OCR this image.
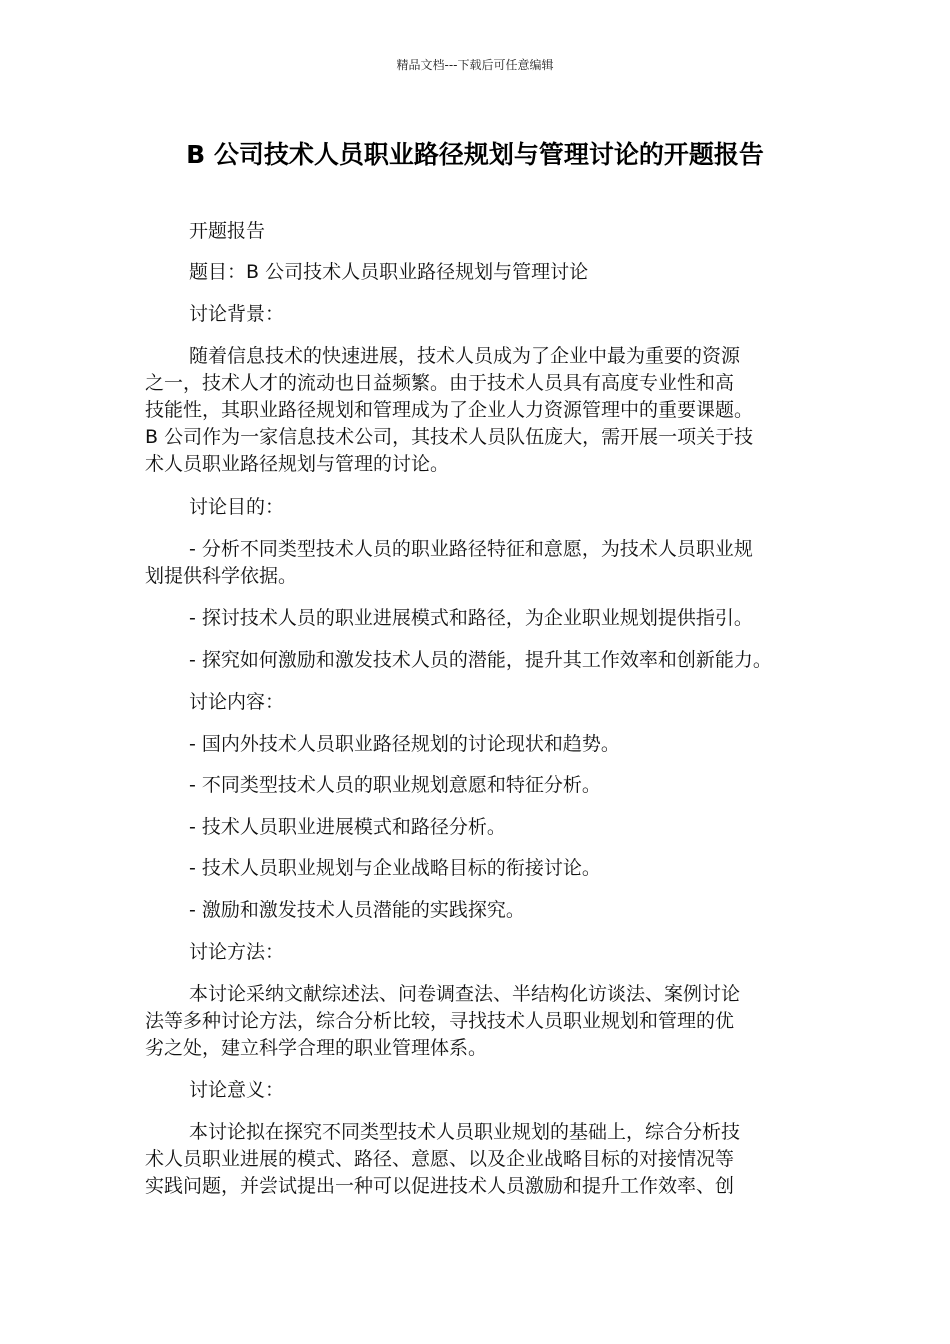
精品文档---下载后可任意编辑
B 公司技术人员职业路径规划与管理讨论的开题报告

开题报告

题目：B 公司技术人员职业路径规划与管理讨论

讨论背景：

随着信息技术的快速进展，技术人员成为了企业中最为重要的资源

之一，技术人才的流动也日益频繁。由于技术人员具有高度专业性和高

技能性，其职业路径规划和管理成为了企业人力资源管理中的重要课题。

B 公司作为一家信息技术公司，其技术人员队伍庞大，需开展一项关于技

术人员职业路径规划与管理的讨论。

讨论目的：

- 分析不同类型技术人员的职业路径特征和意愿，为技术人员职业规

划提供科学依据。

- 探讨技术人员的职业进展模式和路径，为企业职业规划提供指引。

- 探究如何激励和激发技术人员的潜能，提升其工作效率和创新能力。

讨论内容：

- 国内外技术人员职业路径规划的讨论现状和趋势。

- 不同类型技术人员的职业规划意愿和特征分析。

- 技术人员职业进展模式和路径分析。

- 技术人员职业规划与企业战略目标的衔接讨论。

- 激励和激发技术人员潜能的实践探究。

讨论方法：

本讨论采纳文献综述法、问卷调查法、半结构化访谈法、案例讨论

法等多种讨论方法，综合分析比较，寻找技术人员职业规划和管理的优

劣之处，建立科学合理的职业管理体系。

讨论意义：

本讨论拟在探究不同类型技术人员职业规划的基础上，综合分析技

术人员职业进展的模式、路径、意愿、以及企业战略目标的对接情况等

实践问题，并尝试提出一种可以促进技术人员激励和提升工作效率、创
